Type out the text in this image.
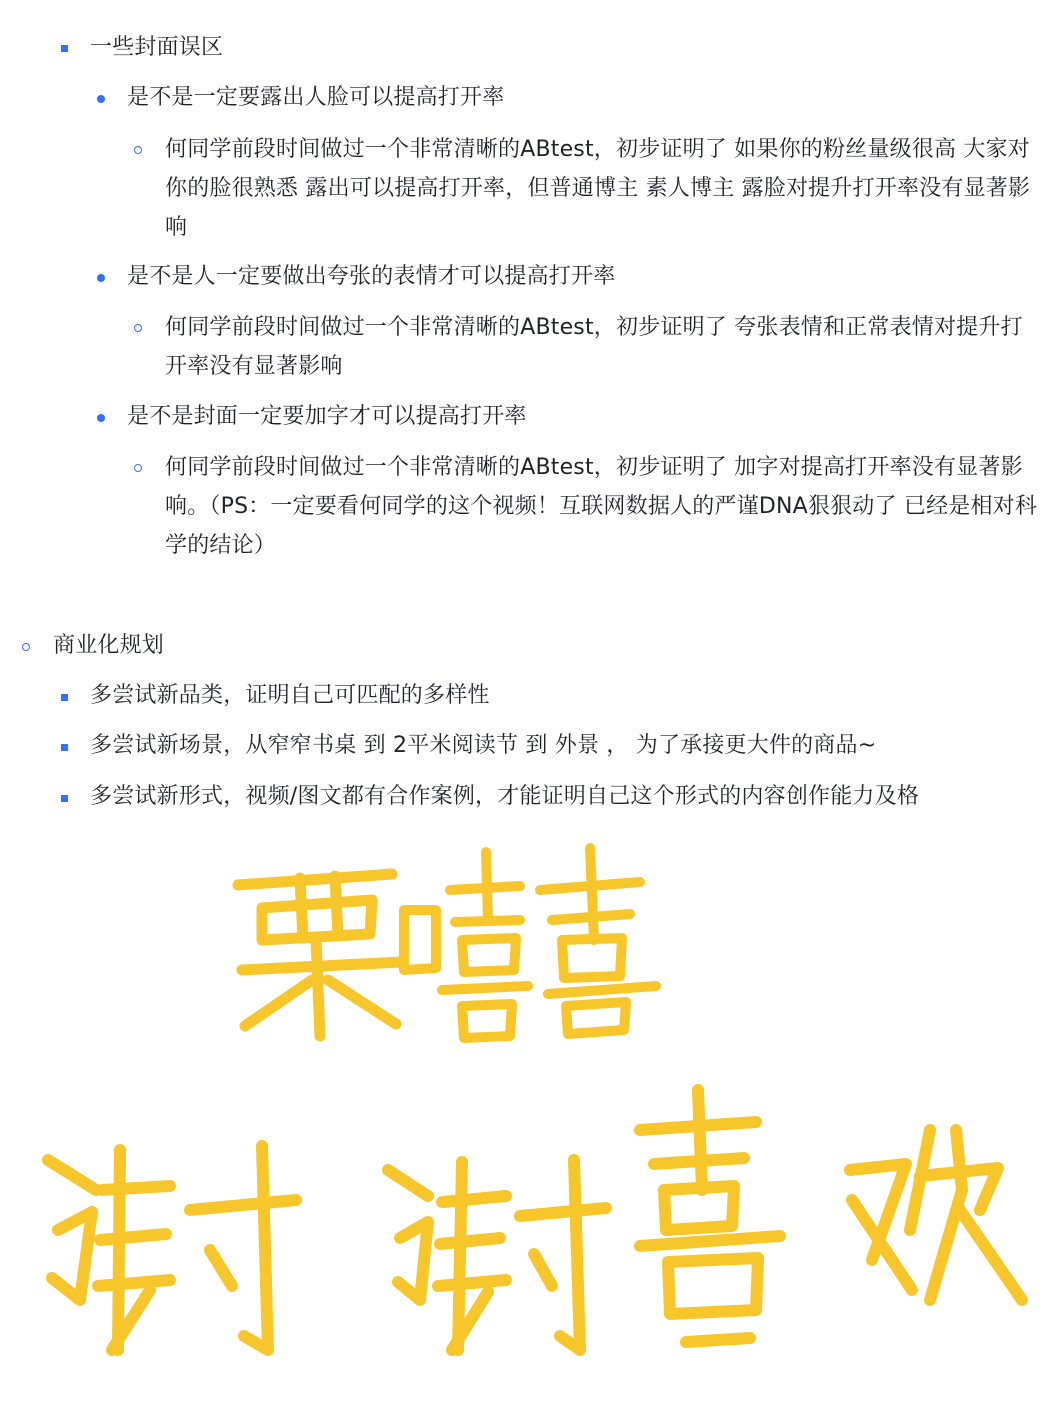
一些封面误区
是不是一定要露出人脸可以提高打开率
何同学前段时间做过一个非常清晰的ABtest，初步证明了 如果你的粉丝量级很高 大家对你的脸很熟悉 露出可以提高打开率，但普通博主 素人博主 露脸对提升打开率没有显著影响
是不是人一定要做出夸张的表情才可以提高打开率
何同学前段时间做过一个非常清晰的ABtest，初步证明了 夸张表情和正常表情对提升打开率没有显著影响
是不是封面一定要加字才可以提高打开率
何同学前段时间做过一个非常清晰的ABtest，初步证明了 加字对提高打开率没有显著影响。（PS：一定要看何同学的这个视频！互联网数据人的严谨DNA狠狠动了 已经是相对科学的结论）
商业化规划
多尝试新品类，证明自己可匹配的多样性
多尝试新场景，从窄窄书桌 到 2平米阅读节 到 外景 ， 为了承接更大件的商品~
多尝试新形式，视频/图文都有合作案例，才能证明自己这个形式的内容创作能力及格
